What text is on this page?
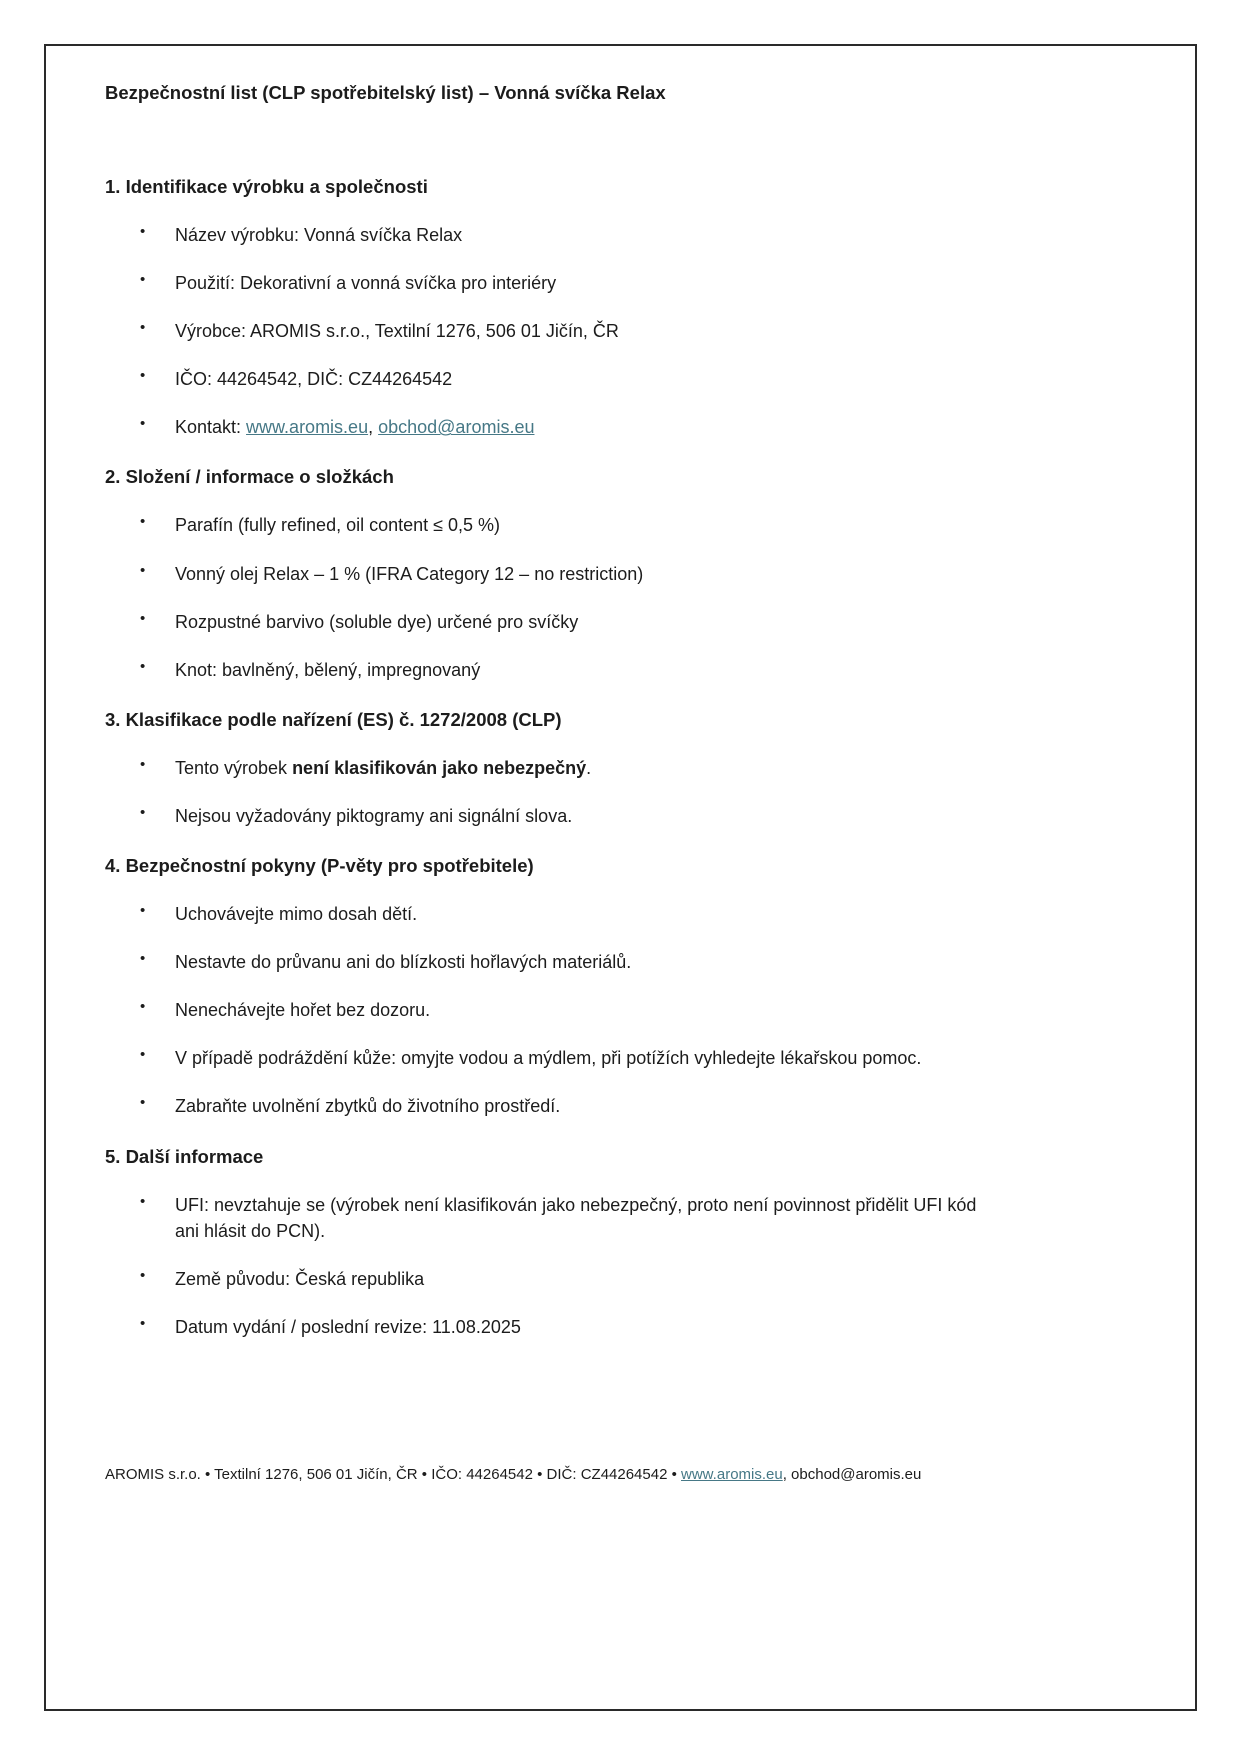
Bezpečnostní list (CLP spotřebitelský list) – Vonná svíčka Relax
1. Identifikace výrobku a společnosti
• Název výrobku: Vonná svíčka Relax
• Použití: Dekorativní a vonná svíčka pro interiéry
• Výrobce: AROMIS s.r.o., Textilní 1276, 506 01 Jičín, ČR
• IČO: 44264542, DIČ: CZ44264542
• Kontakt: www.aromis.eu, obchod@aromis.eu
2. Složení / informace o složkách
• Parafín (fully refined, oil content ≤ 0,5 %)
• Vonný olej Relax – 1 % (IFRA Category 12 – no restriction)
• Rozpustné barvivo (soluble dye) určené pro svíčky
• Knot: bavlněný, bělený, impregnovaný
3. Klasifikace podle nařízení (ES) č. 1272/2008 (CLP)
• Tento výrobek není klasifikován jako nebezpečný.
• Nejsou vyžadovány piktogramy ani signální slova.
4. Bezpečnostní pokyny (P-věty pro spotřebitele)
• Uchovávejte mimo dosah dětí.
• Nestavte do průvanu ani do blízkosti hořlavých materiálů.
• Nenechávejte hořet bez dozoru.
• V případě podráždění kůže: omyjte vodou a mýdlem, při potížích vyhledejte lékařskou pomoc.
• Zabraňte uvolnění zbytků do životního prostředí.
5. Další informace
• UFI: nevztahuje se (výrobek není klasifikován jako nebezpečný, proto není povinnost přidělit UFI kód ani hlásit do PCN).
• Země původu: Česká republika
• Datum vydání / poslední revize: 11.08.2025
AROMIS s.r.o. • Textilní 1276, 506 01 Jičín, ČR • IČO: 44264542 • DIČ: CZ44264542 • www.aromis.eu, obchod@aromis.eu
